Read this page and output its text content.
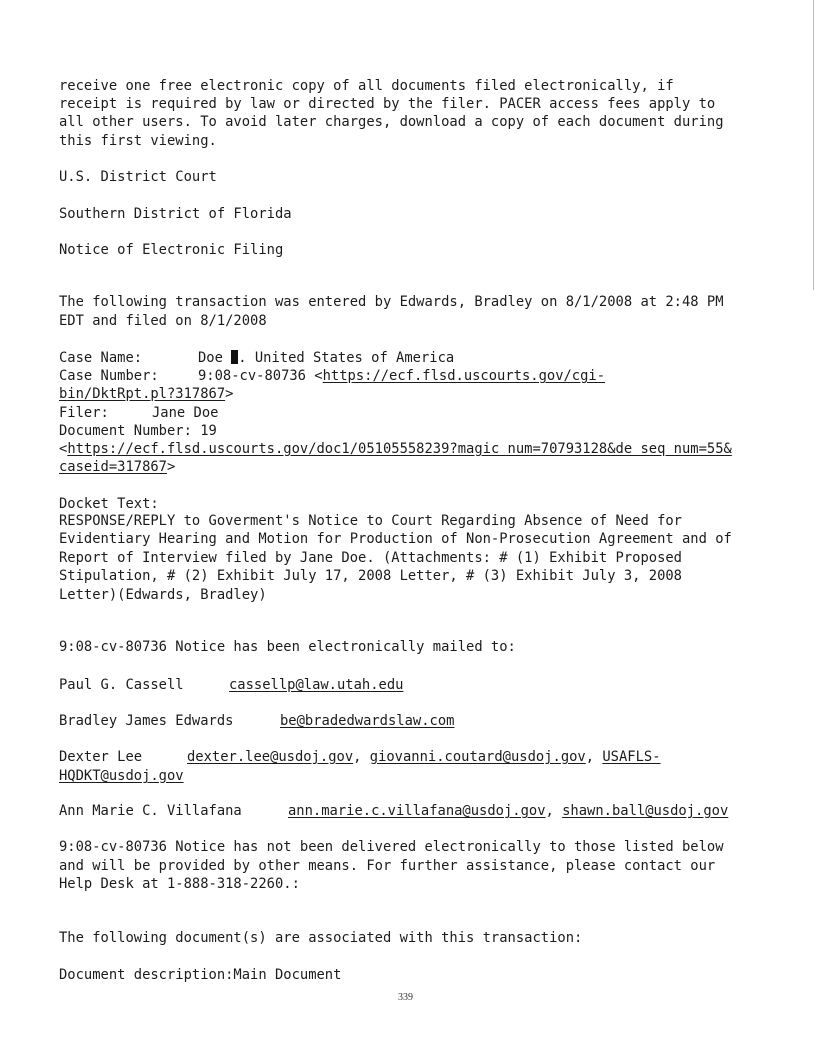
receive one free electronic copy of all documents filed electronically, if
receipt is required by law or directed by the filer. PACER access fees apply to
all other users. To avoid later charges, download a copy of each document during
this first viewing.
U.S. District Court
Southern District of Florida
Notice of Electronic Filing
The following transaction was entered by Edwards, Bradley on 8/1/2008 at 2:48 PM
EDT and filed on 8/1/2008
Case Name:	Doe . United States of America
Case Number:	9:08-cv-80736 <https://ecf.flsd.uscourts.gov/cgi-
bin/DktRpt.pl?317867>
Filer:	Jane Doe
Document Number: 19
<https://ecf.flsd.uscourts.gov/doc1/05105558239?magic num=70793128&de seq num=55&
caseid=317867>
Docket Text:
RESPONSE/REPLY to Goverment's Notice to Court Regarding Absence of Need for
Evidentiary Hearing and Motion for Production of Non-Prosecution Agreement and of
Report of Interview filed by Jane Doe. (Attachments: # (1) Exhibit Proposed
Stipulation, # (2) Exhibit July 17, 2008 Letter, # (3) Exhibit July 3, 2008
Letter)(Edwards, Bradley)
9:08-cv-80736 Notice has been electronically mailed to:
Paul G. Cassell	cassellp@law.utah.edu
Bradley James Edwards	be@bradedwardslaw.com
Dexter Lee	dexter.lee@usdoj.gov, giovanni.coutard@usdoj.gov, USAFLS-
HQDKT@usdoj.gov
Ann Marie C. Villafana	ann.marie.c.villafana@usdoj.gov, shawn.ball@usdoj.gov
9:08-cv-80736 Notice has not been delivered electronically to those listed below
and will be provided by other means. For further assistance, please contact our
Help Desk at 1-888-318-2260.:
The following document(s) are associated with this transaction:
Document description:Main Document
339
